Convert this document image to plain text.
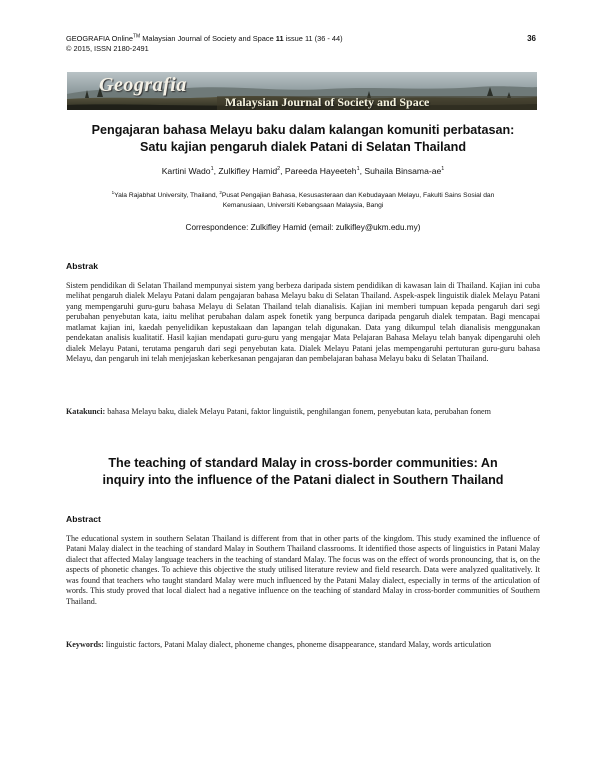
GEOGRAFIA Online™ Malaysian Journal of Society and Space 11 issue 11 (36 - 44)
© 2015, ISSN 2180-2491
36
Geografia
Malaysian Journal of Society and Space
Pengajaran bahasa Melayu baku dalam kalangan komuniti perbatasan:
Satu kajian pengaruh dialek Patani di Selatan Thailand
Kartini Wado$^1$, Zulkifley Hamid$^2$, Pareeda Hayeeteh$^1$, Suhaila Binsama-$ae^1$
$^1$Yala Rajabhat University, Thailand, $^2$Pusat Pengajian Bahasa, Kesusasteraan dan Kebudayaan Melayu, Fakulti Sains Sosial dan
Kemanusiaan, Universiti Kebangsaan Malaysia, Bangi
Correspondence: Zulkifley Hamid (email: zulkifley@ukm.edu.my)
Abstrak
Sistem pendidikan di Selatan Thailand mempunyai sistem yang berbeza daripada sistem pendidikan di kawasan lain di Thailand. Kajian ini cuba melihat pengaruh dialek Melayu Patani dalam pengajaran bahasa Melayu baku di Selatan Thailand. Aspek-aspek linguistik dialek Melayu Patani yang mempengaruhi guru-guru bahasa Melayu di Selatan Thailand telah dianalisis. Kajian ini memberi tumpuan kepada pengaruh dari segi perubahan penyebutan kata, iaitu melihat perubahan dalam aspek fonetik yang berpunca daripada pengaruh dialek tempatan. Bagi mencapai matlamat kajian ini, kaedah penyelidikan kepustakaan dan lapangan telah digunakan. Data yang dikumpul telah dianalisis menggunakan pendekatan analisis kualitatif. Hasil kajian mendapati guru-guru yang mengajar Mata Pelajaran Bahasa Melayu telah banyak dipengaruhi oleh dialek Melayu Patani, terutama pengaruh dari segi penyebutan kata. Dialek Melayu Patani jelas mempengaruhi pertuturan guru-guru bahasa Melayu, dan pengaruh ini telah menjejaskan keberkesanan pengajaran dan pembelajaran bahasa Melayu baku di Selatan Thailand.
Katakunci: bahasa Melayu baku, dialek Melayu Patani, faktor linguistik, penghilangan fonem, penyebutan kata, perubahan fonem
The teaching of standard Malay in cross-border communities: An
inquiry into the influence of the Patani dialect in Southern Thailand
Abstract
The educational system in southern Selatan Thailand is different from that in other parts of the kingdom. This study examined the influence of Patani Malay dialect in the teaching of standard Malay in Southern Thailand classrooms. It identified those aspects of linguistics in Patani Malay dialect that affected Malay language teachers in the teaching of standard Malay. The focus was on the effect of words pronouncing, that is, on the aspects of phonetic changes. To achieve this objective the study utilised literature review and field research. Data were analyzed qualitatively. It was found that teachers who taught standard Malay were much influenced by the Patani Malay dialect, especially in terms of the articulation of words. This study proved that local dialect had a negative influence on the teaching of standard Malay in cross-border communities of Southern Thailand.
Keywords: linguistic factors, Patani Malay dialect, phoneme changes, phoneme disappearance, standard Malay, words articulation
